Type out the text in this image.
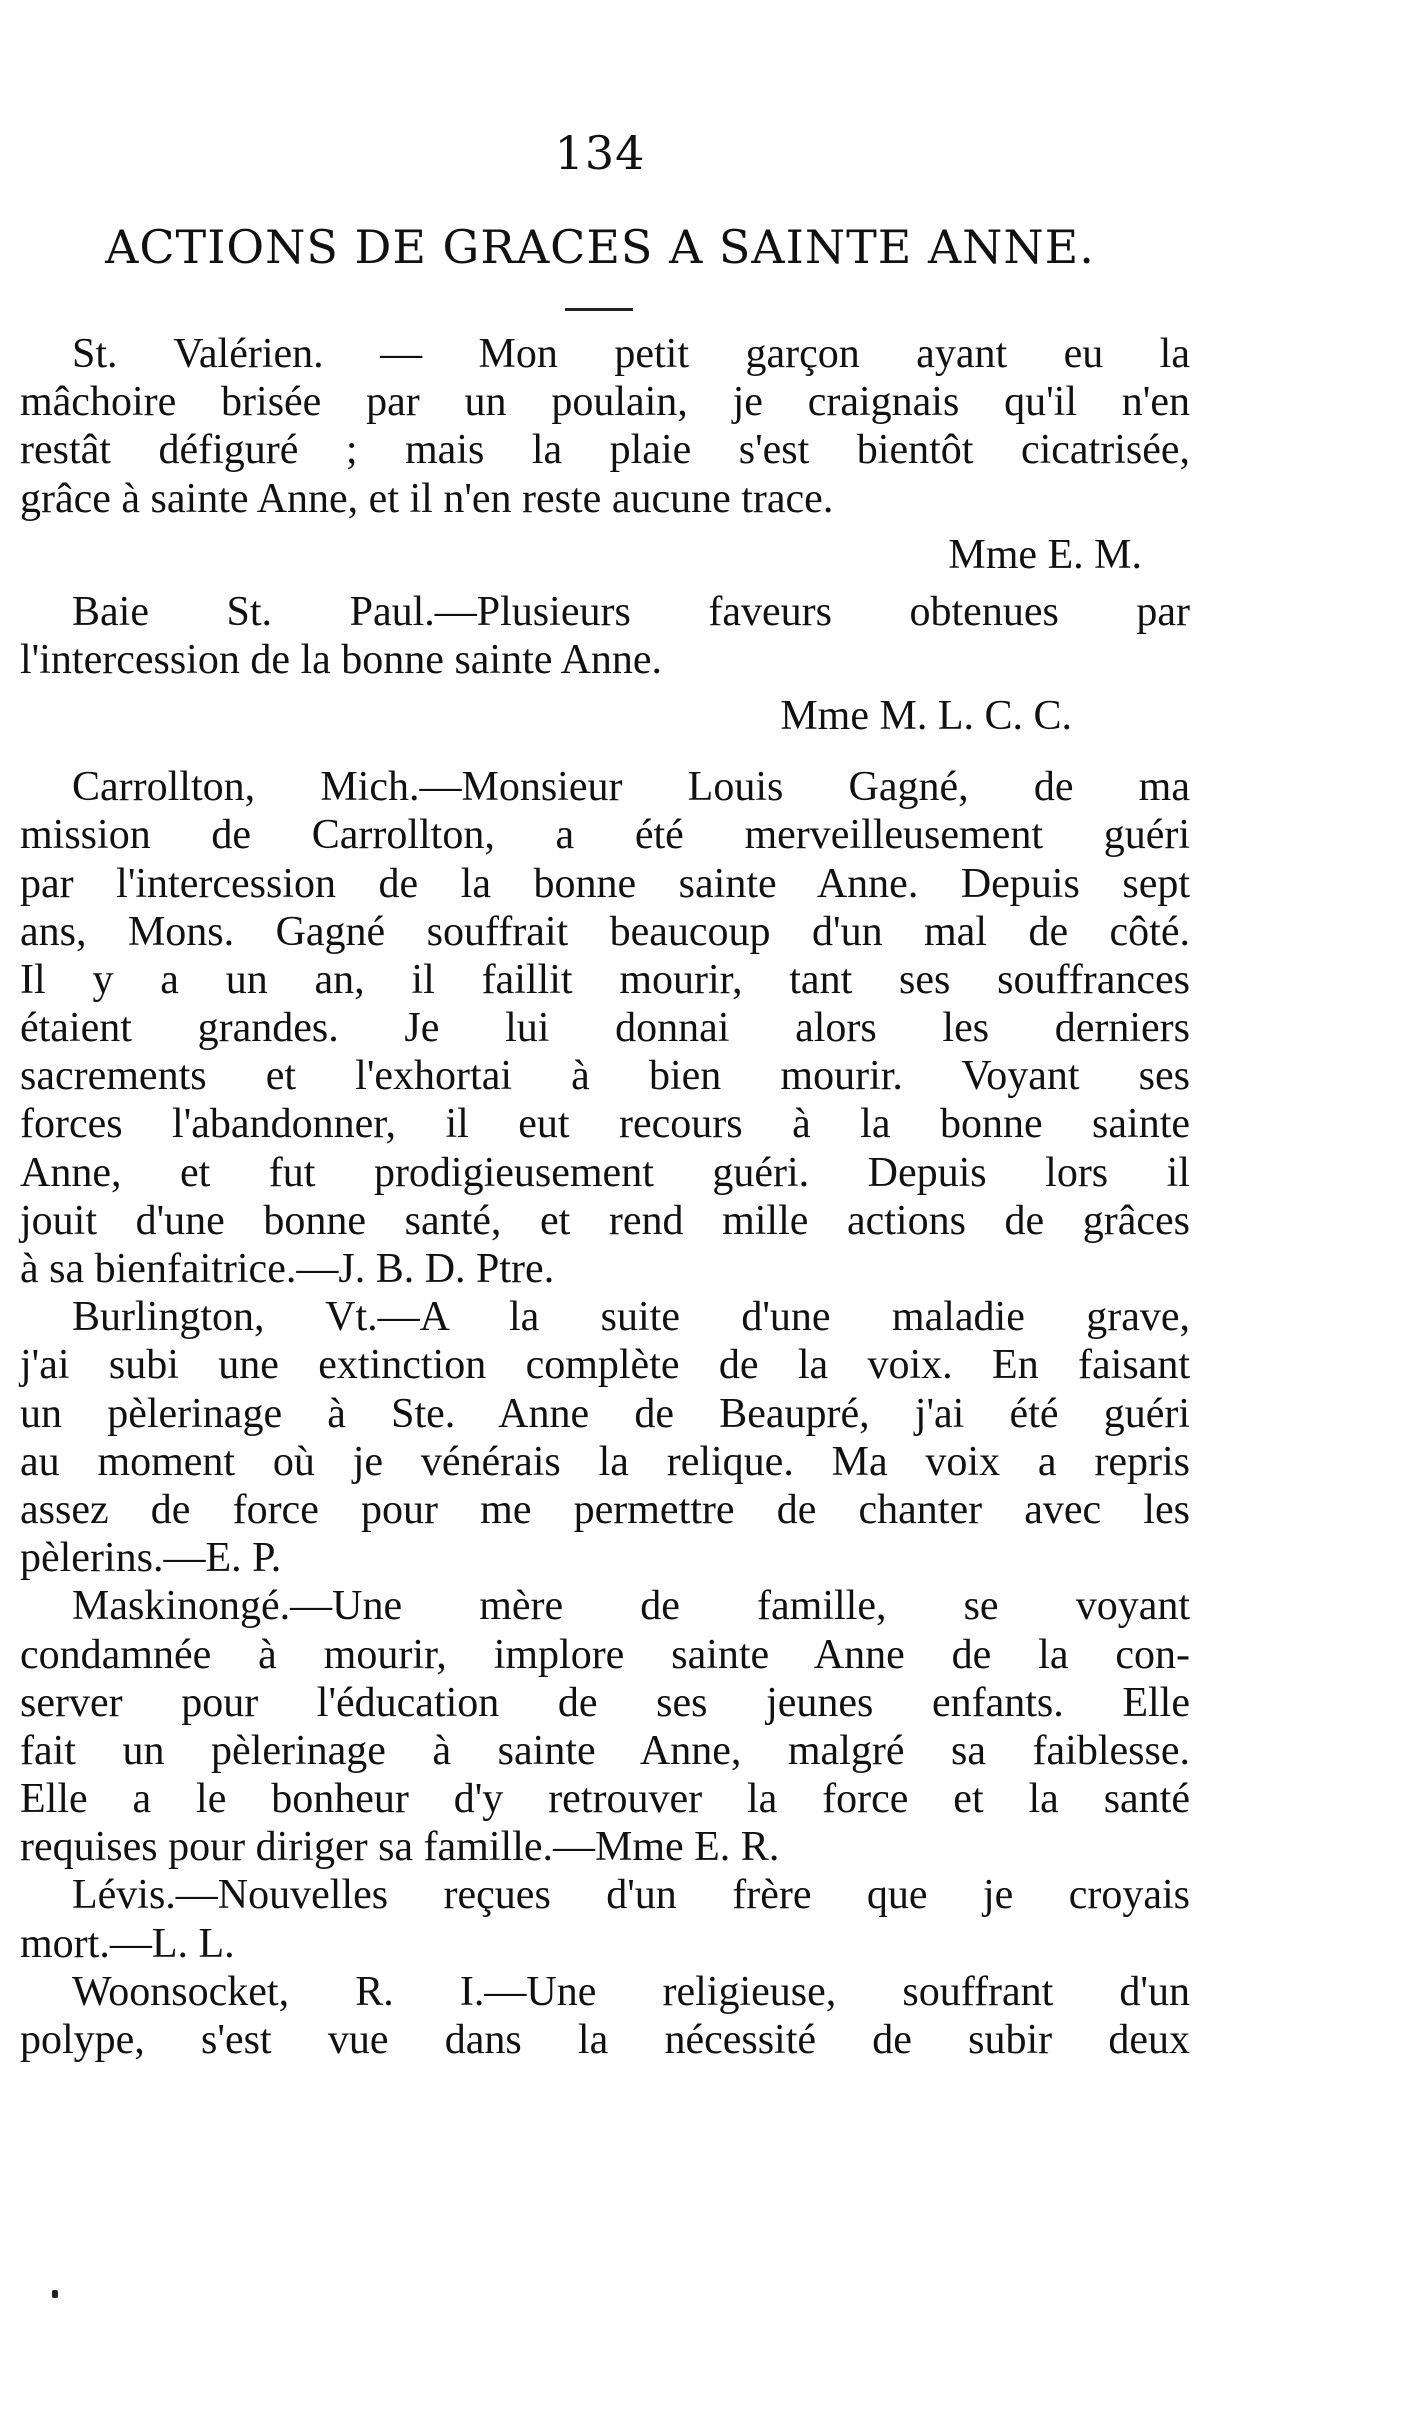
134
ACTIONS DE GRACES A SAINTE ANNE.
St. Valérien. — Mon petit garçon ayant eu la
mâchoire brisée par un poulain, je craignais qu'il n'en
restât défiguré ; mais la plaie s'est bientôt cicatrisée,
grâce à sainte Anne, et il n'en reste aucune trace.
Mme E. M.
Baie St. Paul.—Plusieurs faveurs obtenues par
l'intercession de la bonne sainte Anne.
Mme M. L. C. C.
Carrollton, Mich.—Monsieur Louis Gagné, de ma
mission de Carrollton, a été merveilleusement guéri
par l'intercession de la bonne sainte Anne. Depuis sept
ans, Mons. Gagné souffrait beaucoup d'un mal de côté.
Il y a un an, il faillit mourir, tant ses souffrances
étaient grandes. Je lui donnai alors les derniers
sacrements et l'exhortai à bien mourir. Voyant ses
forces l'abandonner, il eut recours à la bonne sainte
Anne, et fut prodigieusement guéri. Depuis lors il
jouit d'une bonne santé, et rend mille actions de grâces
à sa bienfaitrice.—J. B. D. Ptre.
Burlington, Vt.—A la suite d'une maladie grave,
j'ai subi une extinction complète de la voix. En faisant
un pèlerinage à Ste. Anne de Beaupré, j'ai été guéri
au moment où je vénérais la relique. Ma voix a repris
assez de force pour me permettre de chanter avec les
pèlerins.—E. P.
Maskinongé.—Une mère de famille, se voyant
condamnée à mourir, implore sainte Anne de la con-
server pour l'éducation de ses jeunes enfants. Elle
fait un pèlerinage à sainte Anne, malgré sa faiblesse.
Elle a le bonheur d'y retrouver la force et la santé
requises pour diriger sa famille.—Mme E. R.
Lévis.—Nouvelles reçues d'un frère que je croyais
mort.—L. L.
Woonsocket, R. I.—Une religieuse, souffrant d'un
polype, s'est vue dans la nécessité de subir deux
